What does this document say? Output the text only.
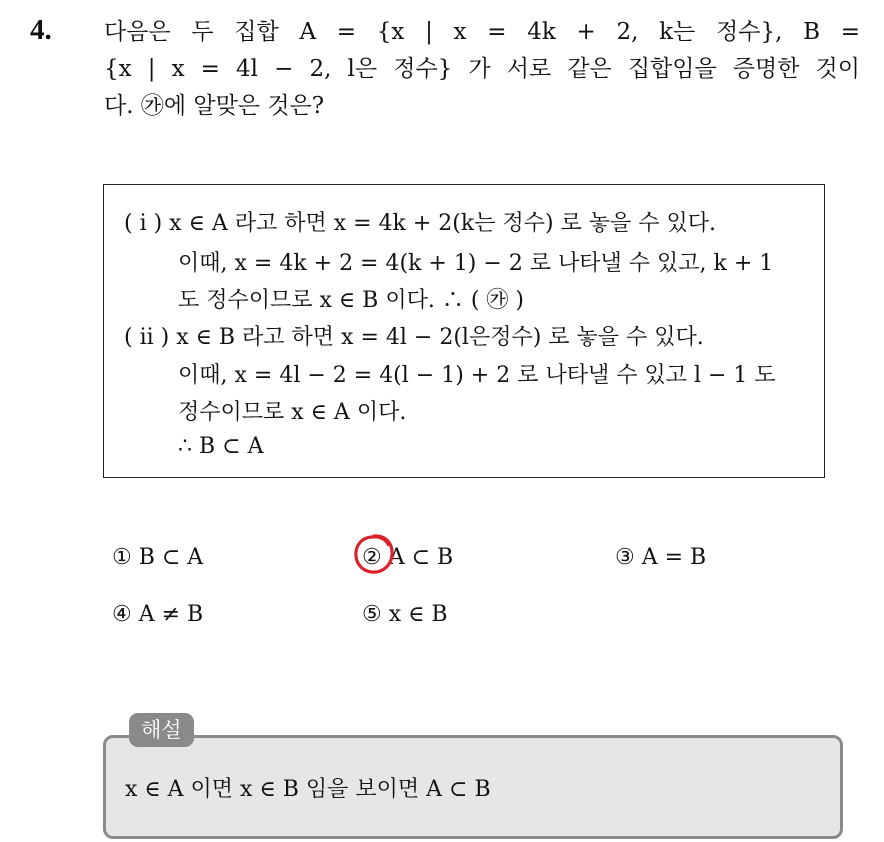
4. 다음은 두 집합 A = {x | x = 4k + 2, k는 정수}, B =
{x | x = 4l − 2, l은 정수} 가 서로 같은 집합임을 증명한 것이
다. ㉮에 알맞은 것은?
( i ) x ∈ A 라고 하면 x = 4k + 2(k는 정수) 로 놓을 수 있다.
이때, x = 4k + 2 = 4(k + 1) − 2 로 나타낼 수 있고, k + 1
도 정수이므로 x ∈ B 이다. ∴ ( ㉮ )
( ii ) x ∈ B 라고 하면 x = 4l − 2(l은정수) 로 놓을 수 있다.
이때, x = 4l − 2 = 4(l − 1) + 2 로 나타낼 수 있고 l − 1 도
정수이므로 x ∈ A 이다.
∴ B ⊂ A
① B ⊂ A	② A ⊂ B	③ A = B
④ A ≠ B	⑤ x ∈ B
해설
x ∈ A 이면 x ∈ B 임을 보이면 A ⊂ B
